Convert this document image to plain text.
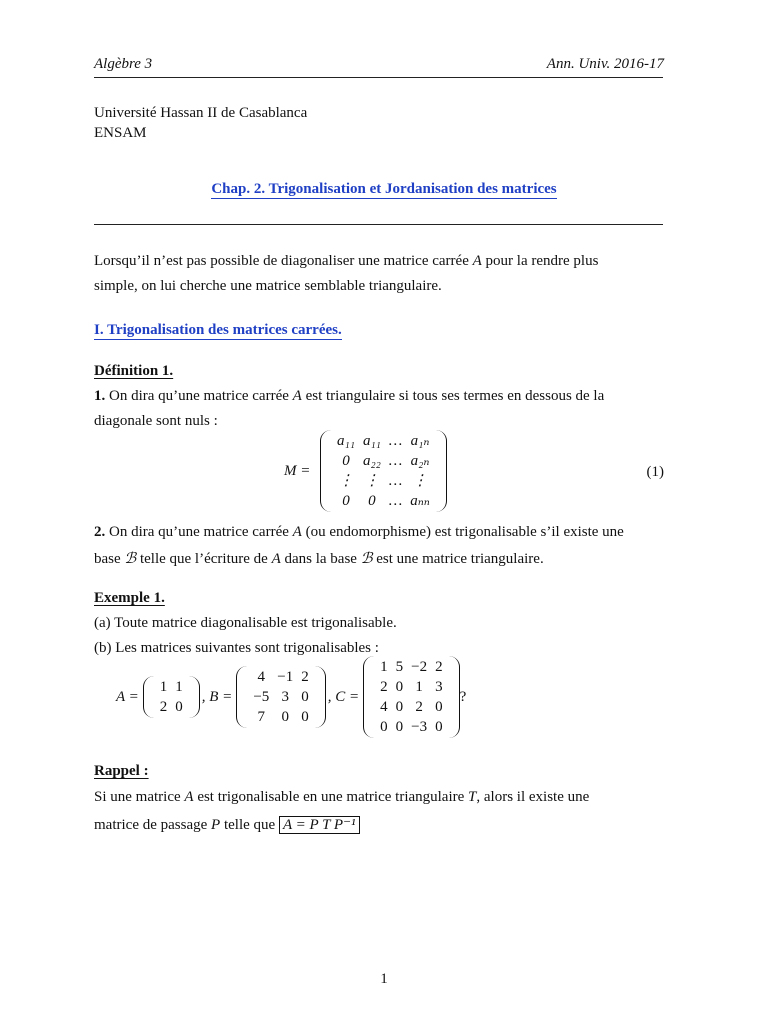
Algèbre 3	Ann. Univ. 2016-17
Université Hassan II de Casablanca
ENSAM
Chap. 2. Trigonalisation et Jordanisation des matrices
Lorsqu’il n’est pas possible de diagonaliser une matrice carrée A pour la rendre plus
simple, on lui cherche une matrice semblable triangulaire.
I. Trigonalisation des matrices carrées.
Définition 1.
1. On dira qu’une matrice carrée A est triangulaire si tous ses termes en dessous de la
diagonale sont nuls :
M =
a₁₁	a₁₁	…	a₁ₙ
0	a₂₂	…	a₂ₙ
⋮	⋮	…	⋮
0	0	…	aₙₙ
(1)
2. On dira qu’une matrice carrée A (ou endomorphisme) est trigonalisable s’il existe une
base ℬ telle que l’écriture de A dans la base ℬ est une matrice triangulaire.
Exemple 1.
(a) Toute matrice diagonalisable est trigonalisable.
(b) Les matrices suivantes sont trigonalisables :
A =
1	1
2	0
, B =
4	−1	2
−5	3	0
7	0	0
, C =
1	5	−2	2
2	0	1	3
4	0	2	0
0	0	−3	0
?
Rappel :
Si une matrice A est trigonalisable en une matrice triangulaire T, alors il existe une
matrice de passage P telle que A = P T P⁻¹
1
